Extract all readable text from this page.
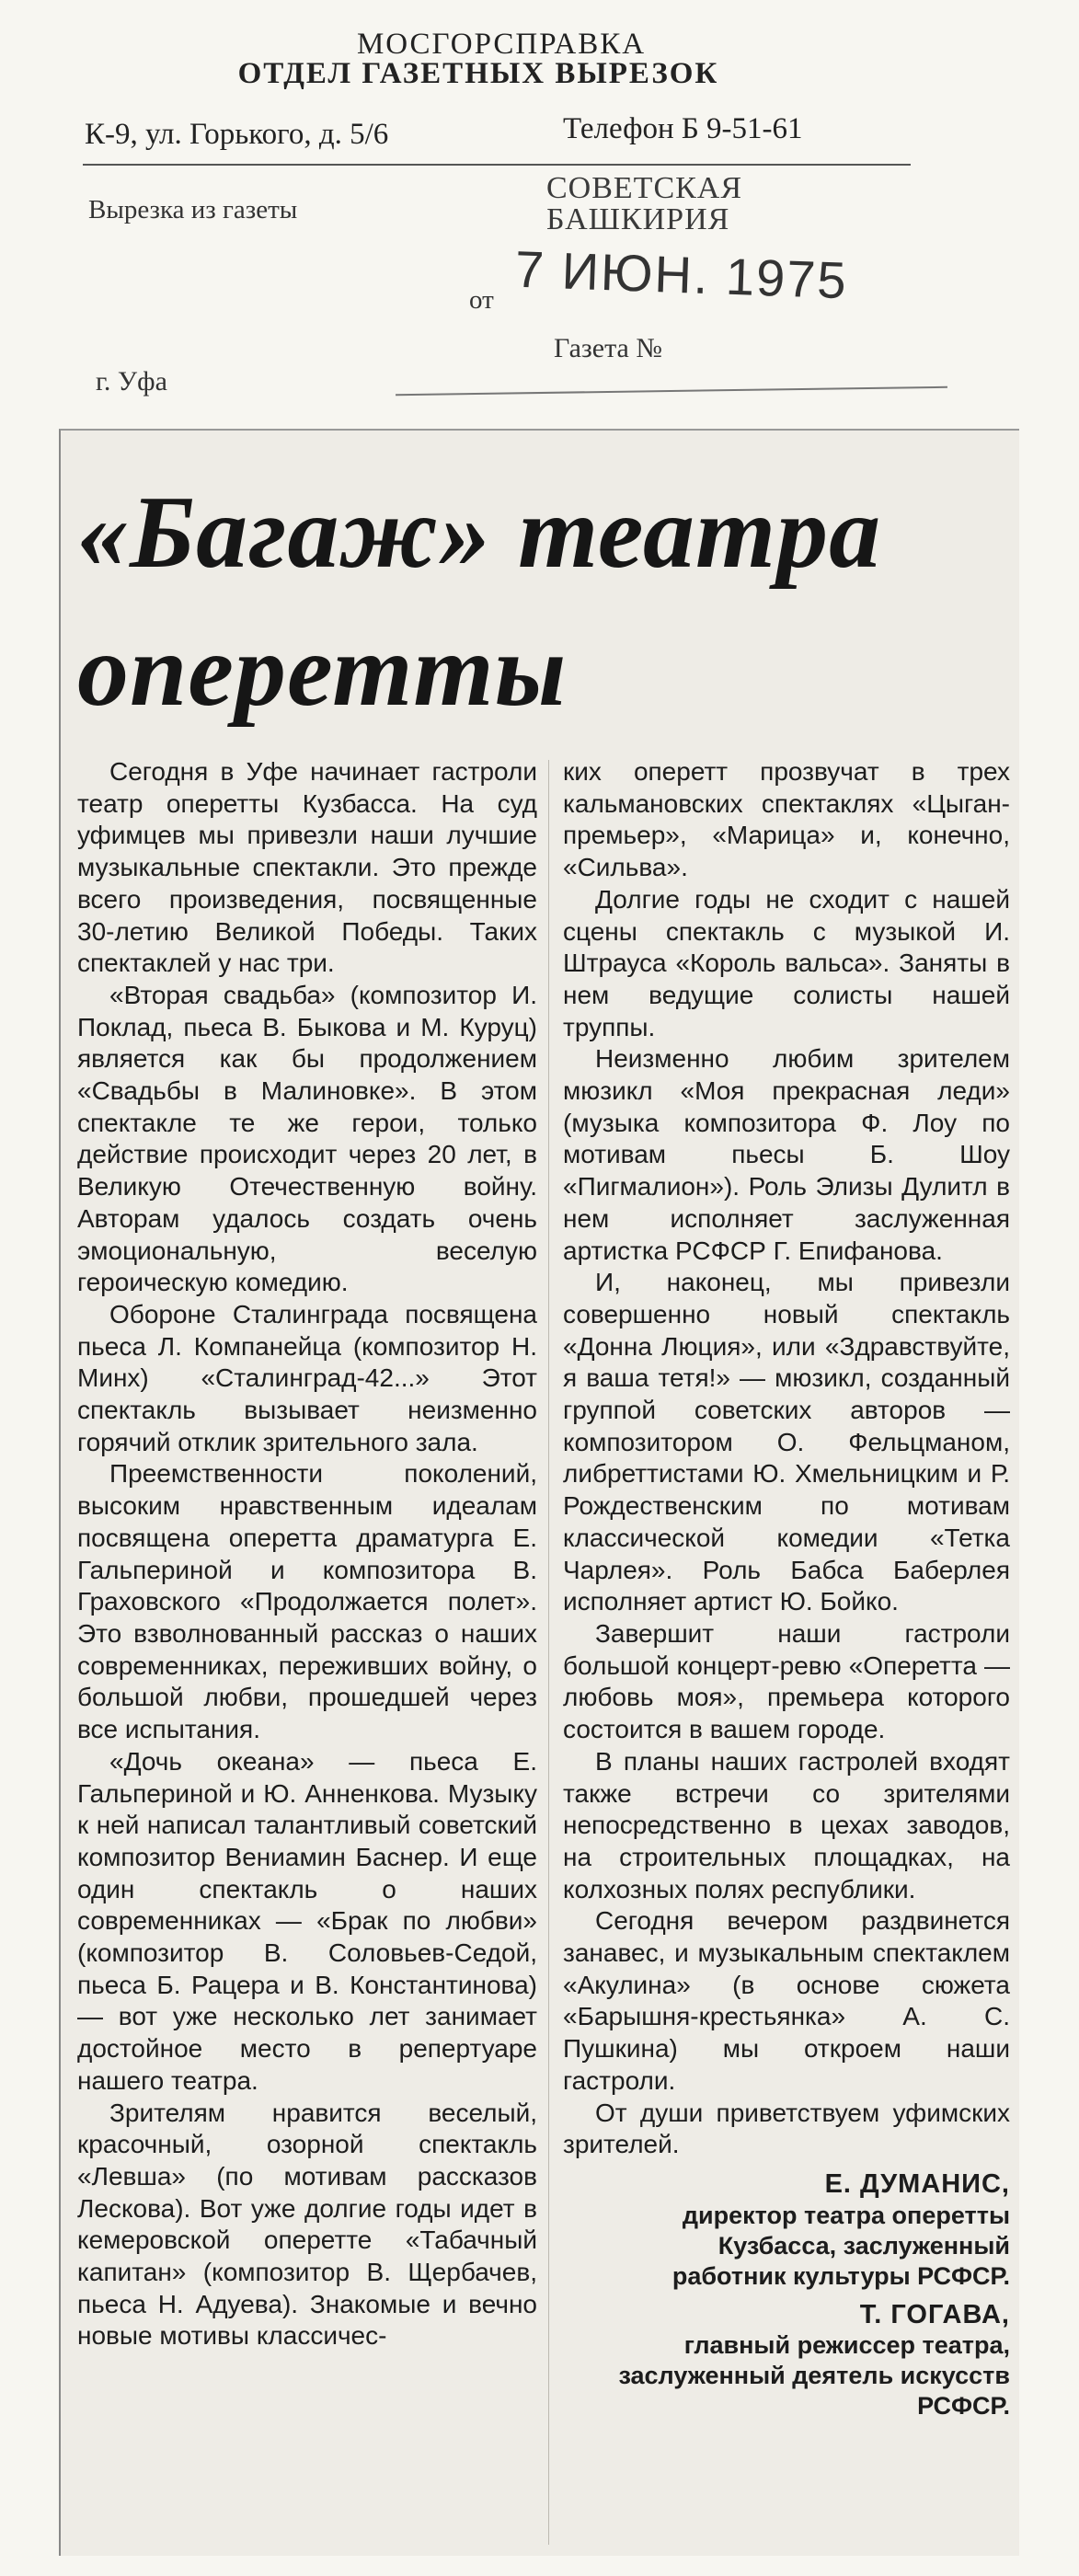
МОСГОРСПРАВКА
ОТДЕЛ ГАЗЕТНЫХ ВЫРЕЗОК
К-9, ул. Горького, д. 5/6	Телефон Б 9-51-61
Вырезка из газеты
СОВЕТСКАЯ
БАШКИРИЯ
от 7 ИЮН. 1975
Газета №
г. Уфа
«Багаж» театра
оперетты

Сегодня в Уфе начинает гастроли театр оперетты Кузбасса. На суд уфимцев мы привезли наши лучшие музыкальные спектакли. Это прежде всего произведения, посвященные 30-летию Великой Победы. Таких спектаклей у нас три.

«Вторая свадьба» (композитор И. Поклад, пьеса В. Быкова и М. Куруц) является как бы продолжением «Свадьбы в Малиновке». В этом спектакле те же герои, только действие происходит через 20 лет, в Великую Отечественную войну. Авторам удалось создать очень эмоциональную, веселую героическую комедию.

Обороне Сталинграда посвящена пьеса Л. Компанейца (композитор Н. Минх) «Сталинград-42...» Этот спектакль вызывает неизменно горячий отклик зрительного зала.

Преемственности поколений, высоким нравственным идеалам посвящена оперетта драматурга Е. Гальпериной и композитора В. Граховского «Продолжается полет». Это взволнованный рассказ о наших современниках, переживших войну, о большой любви, прошедшей через все испытания.

«Дочь океана» — пьеса Е. Гальпериной и Ю. Анненкова. Музыку к ней написал талантливый советский композитор Вениамин Баснер. И еще один спектакль о наших современниках — «Брак по любви» (композитор В. Соловьев-Седой, пьеса Б. Рацера и В. Константинова) — вот уже несколько лет занимает достойное место в репертуаре нашего театра.

Зрителям нравится веселый, красочный, озорной спектакль «Левша» (по мотивам рассказов Лескова). Вот уже долгие годы идет в кемеровской оперетте «Табачный капитан» (композитор В. Щербачев, пьеса Н. Адуева). Знакомые и вечно новые мотивы классичес-

ких оперетт прозвучат в трех кальмановских спектаклях «Цыган-премьер», «Марица» и, конечно, «Сильва».

Долгие годы не сходит с нашей сцены спектакль с музыкой И. Штрауса «Король вальса». Заняты в нем ведущие солисты нашей труппы.

Неизменно любим зрителем мюзикл «Моя прекрасная леди» (музыка композитора Ф. Лоу по мотивам пьесы Б. Шоу «Пигмалион»). Роль Элизы Дулитл в нем исполняет заслуженная артистка РСФСР Г. Епифанова.

И, наконец, мы привезли совершенно новый спектакль «Донна Люция», или «Здравствуйте, я ваша тетя!» — мюзикл, созданный группой советских авторов — композитором О. Фельцманом, либреттистами Ю. Хмельницким и Р. Рождественским по мотивам классической комедии «Тетка Чарлея». Роль Бабса Баберлея исполняет артист Ю. Бойко.

Завершит наши гастроли большой концерт-ревю «Оперетта — любовь моя», премьера которого состоится в вашем городе.

В планы наших гастролей входят также встречи со зрителями непосредственно в цехах заводов, на строительных площадках, на колхозных полях республики.

Сегодня вечером раздвинется занавес, и музыкальным спектаклем «Акулина» (в основе сюжета «Барышня-крестьянка» А. С. Пушкина) мы откроем наши гастроли.

От души приветствуем уфимских зрителей.

Е. ДУМАНИС,
директор театра оперетты Кузбасса, заслуженный работник культуры РСФСР.
Т. ГОГАВА,
главный режиссер театра, заслуженный деятель искусств РСФСР.
